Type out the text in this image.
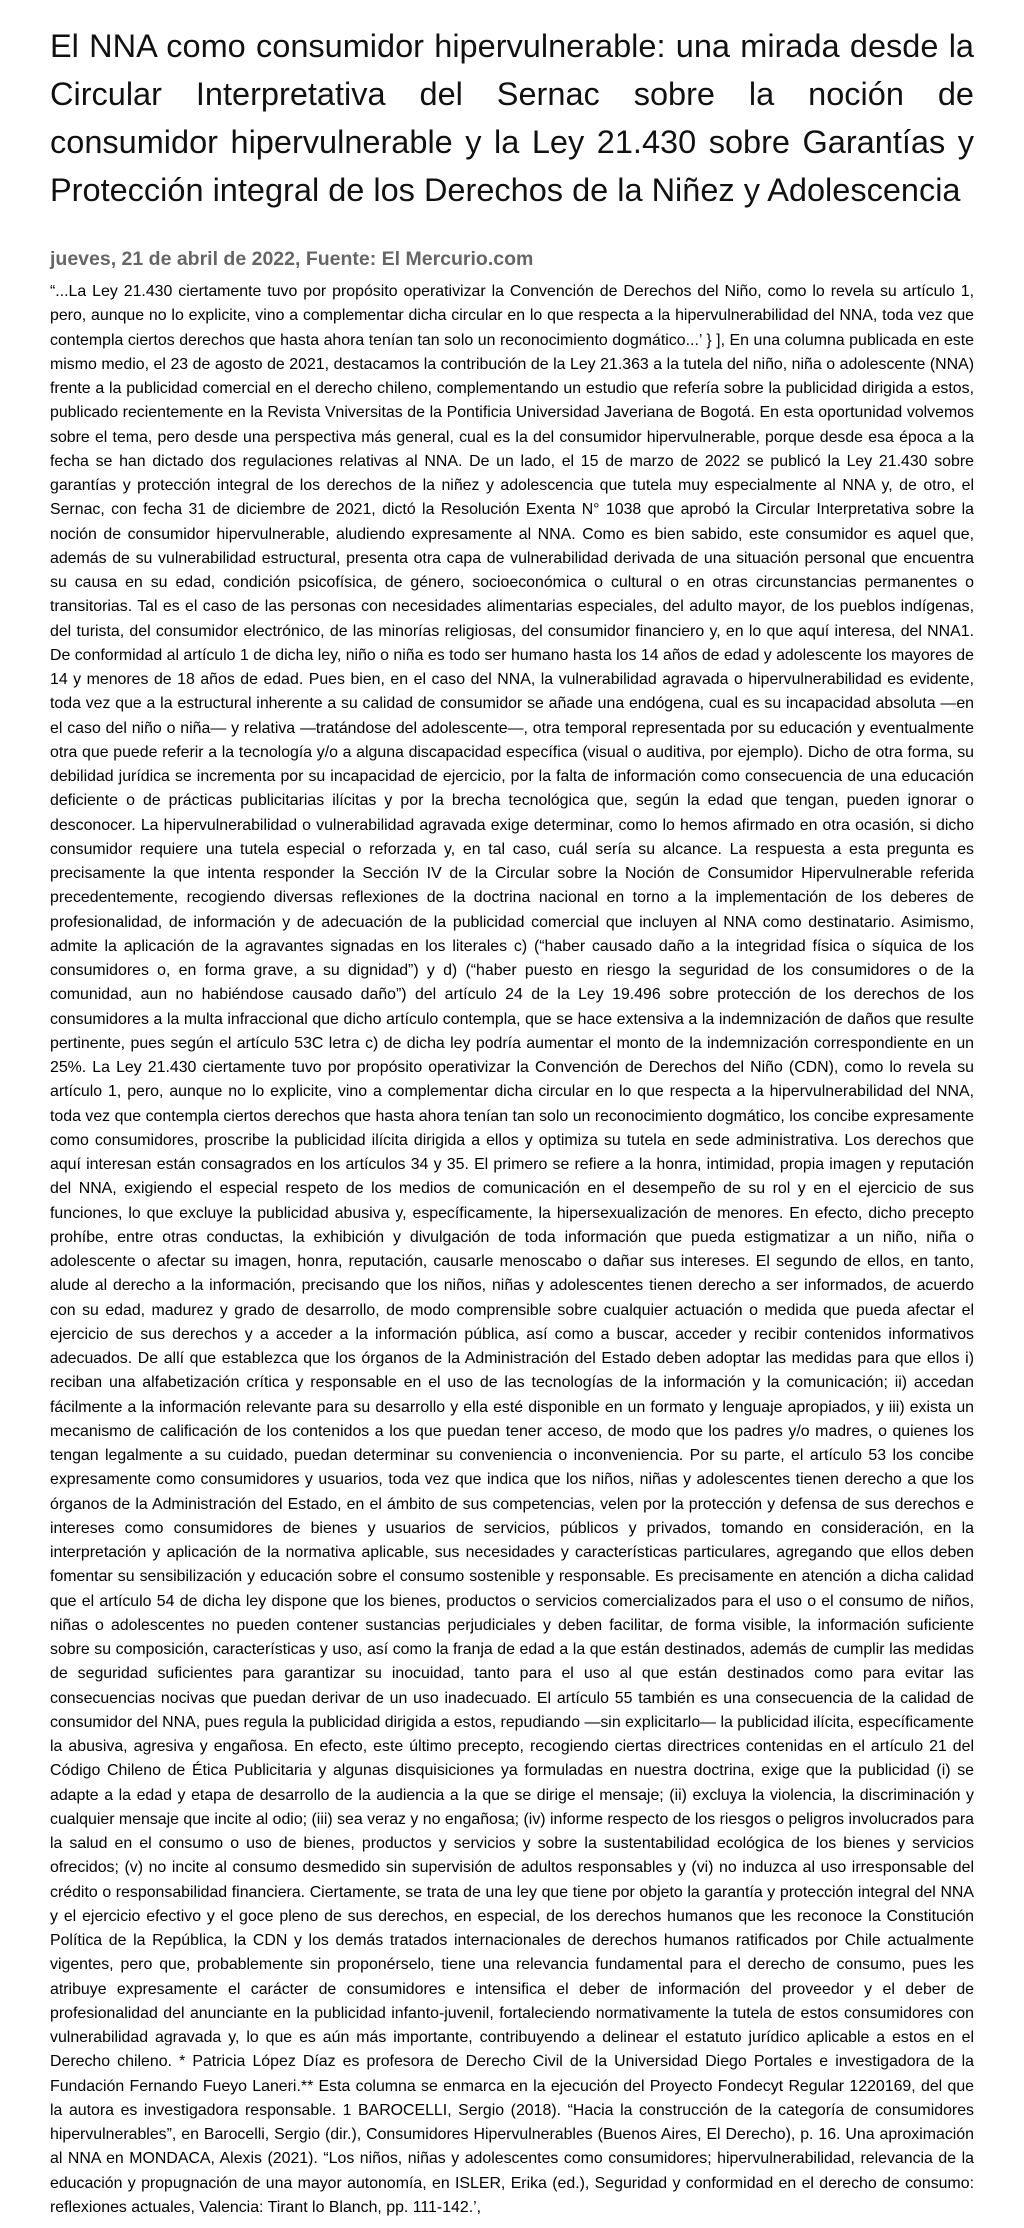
El NNA como consumidor hipervulnerable: una mirada desde la Circular Interpretativa del Sernac sobre la noción de consumidor hipervulnerable y la Ley 21.430 sobre Garantías y Protección integral de los Derechos de la Niñez y Adolescencia
jueves, 21 de abril de 2022, Fuente: El Mercurio.com

“...La Ley 21.430 ciertamente tuvo por propósito operativizar la Convención de Derechos del Niño, como lo revela su artículo 1, pero, aunque no lo explicite, vino a complementar dicha circular en lo que respecta a la hipervulnerabilidad del NNA, toda vez que contempla ciertos derechos que hasta ahora tenían tan solo un reconocimiento dogmático...’ } ], En una columna publicada en este mismo medio, el 23 de agosto de 2021, destacamos la contribución de la Ley 21.363 a la tutela del niño, niña o adolescente (NNA) frente a la publicidad comercial en el derecho chileno, complementando un estudio que refería sobre la publicidad dirigida a estos, publicado recientemente en la Revista Vniversitas de la Pontificia Universidad Javeriana de Bogotá. En esta oportunidad volvemos sobre el tema, pero desde una perspectiva más general, cual es la del consumidor hipervulnerable, porque desde esa época a la fecha se han dictado dos regulaciones relativas al NNA. De un lado, el 15 de marzo de 2022 se publicó la Ley 21.430 sobre garantías y protección integral de los derechos de la niñez y adolescencia que tutela muy especialmente al NNA y, de otro, el Sernac, con fecha 31 de diciembre de 2021, dictó la Resolución Exenta N° 1038 que aprobó la Circular Interpretativa sobre la noción de consumidor hipervulnerable, aludiendo expresamente al NNA. Como es bien sabido, este consumidor es aquel que, además de su vulnerabilidad estructural, presenta otra capa de vulnerabilidad derivada de una situación personal que encuentra su causa en su edad, condición psicofísica, de género, socioeconómica o cultural o en otras circunstancias permanentes o transitorias. Tal es el caso de las personas con necesidades alimentarias especiales, del adulto mayor, de los pueblos indígenas, del turista, del consumidor electrónico, de las minorías religiosas, del consumidor financiero y, en lo que aquí interesa, del NNA1. De conformidad al artículo 1 de dicha ley, niño o niña es todo ser humano hasta los 14 años de edad y adolescente los mayores de 14 y menores de 18 años de edad. Pues bien, en el caso del NNA, la vulnerabilidad agravada o hipervulnerabilidad es evidente, toda vez que a la estructural inherente a su calidad de consumidor se añade una endógena, cual es su incapacidad absoluta —en el caso del niño o niña— y relativa —tratándose del adolescente—, otra temporal representada por su educación y eventualmente otra que puede referir a la tecnología y/o a alguna discapacidad específica (visual o auditiva, por ejemplo). Dicho de otra forma, su debilidad jurídica se incrementa por su incapacidad de ejercicio, por la falta de información como consecuencia de una educación deficiente o de prácticas publicitarias ilícitas y por la brecha tecnológica que, según la edad que tengan, pueden ignorar o desconocer. La hipervulnerabilidad o vulnerabilidad agravada exige determinar, como lo hemos afirmado en otra ocasión, si dicho consumidor requiere una tutela especial o reforzada y, en tal caso, cuál sería su alcance. La respuesta a esta pregunta es precisamente la que intenta responder la Sección IV de la Circular sobre la Noción de Consumidor Hipervulnerable referida precedentemente, recogiendo diversas reflexiones de la doctrina nacional en torno a la implementación de los deberes de profesionalidad, de información y de adecuación de la publicidad comercial que incluyen al NNA como destinatario. Asimismo, admite la aplicación de la agravantes signadas en los literales c) (“haber causado daño a la integridad física o síquica de los consumidores o, en forma grave, a su dignidad”) y d) (“haber puesto en riesgo la seguridad de los consumidores o de la comunidad, aun no habiéndose causado daño”) del artículo 24 de la Ley 19.496 sobre protección de los derechos de los consumidores a la multa infraccional que dicho artículo contempla, que se hace extensiva a la indemnización de daños que resulte pertinente, pues según el artículo 53C letra c) de dicha ley podría aumentar el monto de la indemnización correspondiente en un 25%. La Ley 21.430 ciertamente tuvo por propósito operativizar la Convención de Derechos del Niño (CDN), como lo revela su artículo 1, pero, aunque no lo explicite, vino a complementar dicha circular en lo que respecta a la hipervulnerabilidad del NNA, toda vez que contempla ciertos derechos que hasta ahora tenían tan solo un reconocimiento dogmático, los concibe expresamente como consumidores, proscribe la publicidad ilícita dirigida a ellos y optimiza su tutela en sede administrativa. Los derechos que aquí interesan están consagrados en los artículos 34 y 35. El primero se refiere a la honra, intimidad, propia imagen y reputación del NNA, exigiendo el especial respeto de los medios de comunicación en el desempeño de su rol y en el ejercicio de sus funciones, lo que excluye la publicidad abusiva y, específicamente, la hipersexualización de menores. En efecto, dicho precepto prohíbe, entre otras conductas, la exhibición y divulgación de toda información que pueda estigmatizar a un niño, niña o adolescente o afectar su imagen, honra, reputación, causarle menoscabo o dañar sus intereses. El segundo de ellos, en tanto, alude al derecho a la información, precisando que los niños, niñas y adolescentes tienen derecho a ser informados, de acuerdo con su edad, madurez y grado de desarrollo, de modo comprensible sobre cualquier actuación o medida que pueda afectar el ejercicio de sus derechos y a acceder a la información pública, así como a buscar, acceder y recibir contenidos informativos adecuados. De allí que establezca que los órganos de la Administración del Estado deben adoptar las medidas para que ellos i) reciban una alfabetización crítica y responsable en el uso de las tecnologías de la información y la comunicación; ii) accedan fácilmente a la información relevante para su desarrollo y ella esté disponible en un formato y lenguaje apropiados, y iii) exista un mecanismo de calificación de los contenidos a los que puedan tener acceso, de modo que los padres y/o madres, o quienes los tengan legalmente a su cuidado, puedan determinar su conveniencia o inconveniencia. Por su parte, el artículo 53 los concibe expresamente como consumidores y usuarios, toda vez que indica que los niños, niñas y adolescentes tienen derecho a que los órganos de la Administración del Estado, en el ámbito de sus competencias, velen por la protección y defensa de sus derechos e intereses como consumidores de bienes y usuarios de servicios, públicos y privados, tomando en consideración, en la interpretación y aplicación de la normativa aplicable, sus necesidades y características particulares, agregando que ellos deben fomentar su sensibilización y educación sobre el consumo sostenible y responsable. Es precisamente en atención a dicha calidad que el artículo 54 de dicha ley dispone que los bienes, productos o servicios comercializados para el uso o el consumo de niños, niñas o adolescentes no pueden contener sustancias perjudiciales y deben facilitar, de forma visible, la información suficiente sobre su composición, características y uso, así como la franja de edad a la que están destinados, además de cumplir las medidas de seguridad suficientes para garantizar su inocuidad, tanto para el uso al que están destinados como para evitar las consecuencias nocivas que puedan derivar de un uso inadecuado. El artículo 55 también es una consecuencia de la calidad de consumidor del NNA, pues regula la publicidad dirigida a estos, repudiando —sin explicitarlo— la publicidad ilícita, específicamente la abusiva, agresiva y engañosa. En efecto, este último precepto, recogiendo ciertas directrices contenidas en el artículo 21 del Código Chileno de Ética Publicitaria y algunas disquisiciones ya formuladas en nuestra doctrina, exige que la publicidad (i) se adapte a la edad y etapa de desarrollo de la audiencia a la que se dirige el mensaje; (ii) excluya la violencia, la discriminación y cualquier mensaje que incite al odio; (iii) sea veraz y no engañosa; (iv) informe respecto de los riesgos o peligros involucrados para la salud en el consumo o uso de bienes, productos y servicios y sobre la sustentabilidad ecológica de los bienes y servicios ofrecidos; (v) no incite al consumo desmedido sin supervisión de adultos responsables y (vi) no induzca al uso irresponsable del crédito o responsabilidad financiera. Ciertamente, se trata de una ley que tiene por objeto la garantía y protección integral del NNA y el ejercicio efectivo y el goce pleno de sus derechos, en especial, de los derechos humanos que les reconoce la Constitución Política de la República, la CDN y los demás tratados internacionales de derechos humanos ratificados por Chile actualmente vigentes, pero que, probablemente sin proponérselo, tiene una relevancia fundamental para el derecho de consumo, pues les atribuye expresamente el carácter de consumidores e intensifica el deber de información del proveedor y el deber de profesionalidad del anunciante en la publicidad infanto-juvenil, fortaleciendo normativamente la tutela de estos consumidores con vulnerabilidad agravada y, lo que es aún más importante, contribuyendo a delinear el estatuto jurídico aplicable a estos en el Derecho chileno. * Patricia López Díaz es profesora de Derecho Civil de la Universidad Diego Portales e investigadora de la Fundación Fernando Fueyo Laneri.** Esta columna se enmarca en la ejecución del Proyecto Fondecyt Regular 1220169, del que la autora es investigadora responsable. 1 BAROCELLI, Sergio (2018). “Hacia la construcción de la categoría de consumidores hipervulnerables”, en Barocelli, Sergio (dir.), Consumidores Hipervulnerables (Buenos Aires, El Derecho), p. 16. Una aproximación al NNA en MONDACA, Alexis (2021). “Los niños, niñas y adolescentes como consumidores; hipervulnerabilidad, relevancia de la educación y propugnación de una mayor autonomía, en ISLER, Erika (ed.), Seguridad y conformidad en el derecho de consumo: reflexiones actuales, Valencia: Tirant lo Blanch, pp. 111-142.’,
